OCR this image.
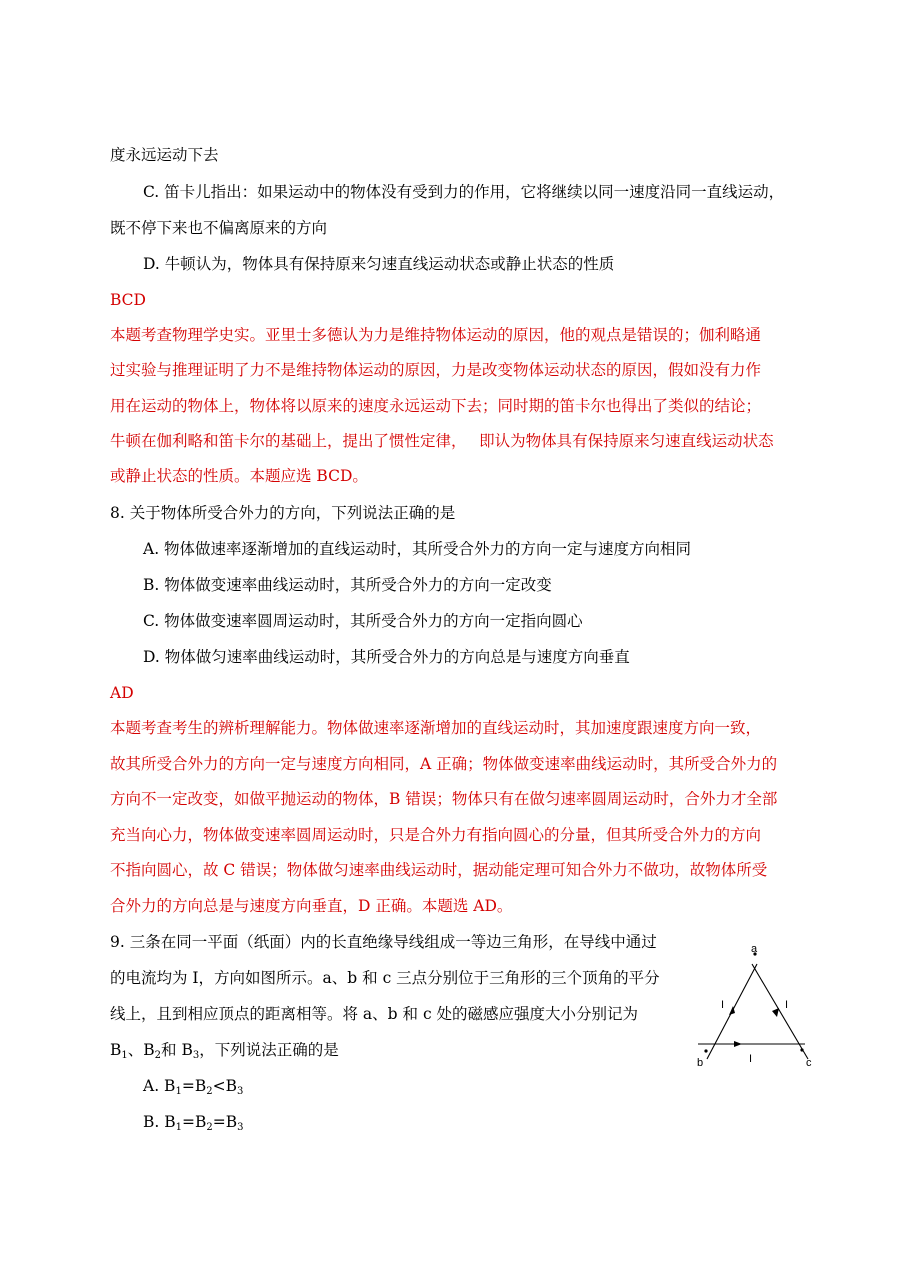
度永远运动下去
C. 笛卡儿指出：如果运动中的物体没有受到力的作用，它将继续以同一速度沿同一直线运动，
既不停下来也不偏离原来的方向
D. 牛顿认为，物体具有保持原来匀速直线运动状态或静止状态的性质
BCD
本题考查物理学史实。亚里士多德认为力是维持物体运动的原因，他的观点是错误的；伽利略通
过实验与推理证明了力不是维持物体运动的原因，力是改变物体运动状态的原因，假如没有力作
用在运动的物体上，物体将以原来的速度永远运动下去；同时期的笛卡尔也得出了类似的结论；
牛顿在伽利略和笛卡尔的基础上，提出了惯性定律，　 即认为物体具有保持原来匀速直线运动状态
或静止状态的性质。本题应选 BCD。
8. 关于物体所受合外力的方向，下列说法正确的是
A. 物体做速率逐渐增加的直线运动时，其所受合外力的方向一定与速度方向相同
B. 物体做变速率曲线运动时，其所受合外力的方向一定改变
C. 物体做变速率圆周运动时，其所受合外力的方向一定指向圆心
D. 物体做匀速率曲线运动时，其所受合外力的方向总是与速度方向垂直
AD
本题考查考生的辨析理解能力。物体做速率逐渐增加的直线运动时，其加速度跟速度方向一致，
故其所受合外力的方向一定与速度方向相同，A 正确；物体做变速率曲线运动时，其所受合外力的
方向不一定改变，如做平抛运动的物体，B 错误；物体只有在做匀速率圆周运动时，合外力才全部
充当向心力，物体做变速率圆周运动时，只是合外力有指向圆心的分量，但其所受合外力的方向
不指向圆心，故 C 错误；物体做匀速率曲线运动时，据动能定理可知合外力不做功，故物体所受
合外力的方向总是与速度方向垂直，D 正确。本题选 AD。
9. 三条在同一平面（纸面）内的长直绝缘导线组成一等边三角形，在导线中通过
的电流均为 I，方向如图所示。a、b 和 c 三点分别位于三角形的三个顶角的平分
线上，且到相应顶点的距离相等。将 a、b 和 c 处的磁感应强度大小分别记为
$B_1$、$B_2$和 $B_3$，下列说法正确的是
A. $B_1=B_2<B_3$
B. $B_1=B_2=B_3$
a
b	c
I	I
I
